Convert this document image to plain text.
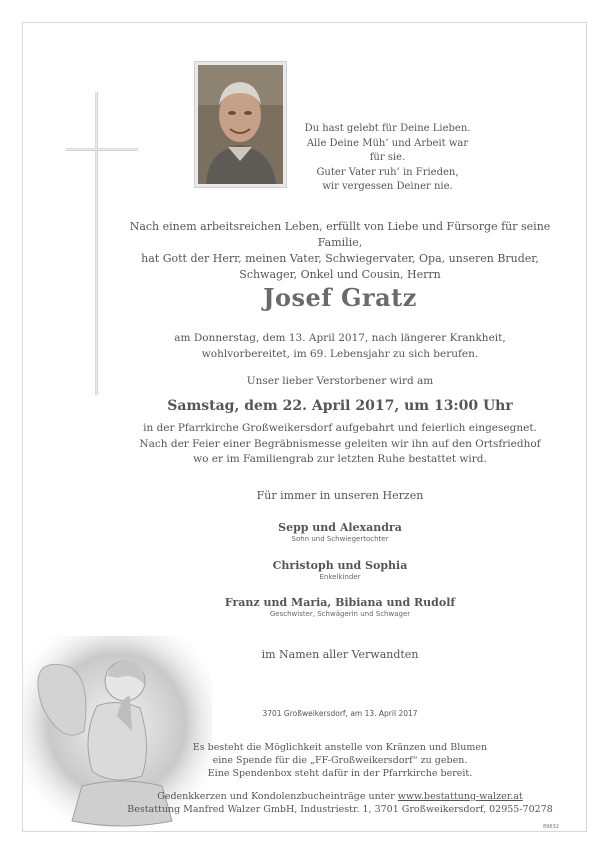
Du hast gelebt für Deine Lieben.
Alle Deine Müh’ und Arbeit war für sie.
Guter Vater ruh’ in Frieden,
wir vergessen Deiner nie.
Nach einem arbeitsreichen Leben, erfüllt von Liebe und Fürsorge für seine Familie,
hat Gott der Herr, meinen Vater, Schwiegervater, Opa, unseren Bruder,
Schwager, Onkel und Cousin, Herrn
Josef Gratz
am Donnerstag, dem 13. April 2017, nach längerer Krankheit,
wohlvorbereitet, im 69. Lebensjahr zu sich berufen.
Unser lieber Verstorbener wird am
Samstag, dem 22. April 2017, um 13:00 Uhr
in der Pfarrkirche Großweikersdorf aufgebahrt und feierlich eingesegnet.
Nach der Feier einer Begräbnismesse geleiten wir ihn auf den Ortsfriedhof
wo er im Familiengrab zur letzten Ruhe bestattet wird.
Für immer in unseren Herzen
Sepp und Alexandra
Sohn und Schwiegertochter
Christoph und Sophia
Enkelkinder
Franz und Maria, Bibiana und Rudolf
Geschwister, Schwägerin und Schwager
im Namen aller Verwandten
3701 Großweikersdorf, am 13. April 2017
Es besteht die Möglichkeit anstelle von Kränzen und Blumen
eine Spende für die „FF-Großweikersdorf“ zu geben.
Eine Spendenbox steht dafür in der Pfarrkirche bereit.
Gedenkkerzen und Kondolenzbucheinträge unter www.bestattung-walzer.at
Bestattung Manfred Walzer GmbH, Industriestr. 1, 3701 Großweikersdorf, 02955-70278
89632
